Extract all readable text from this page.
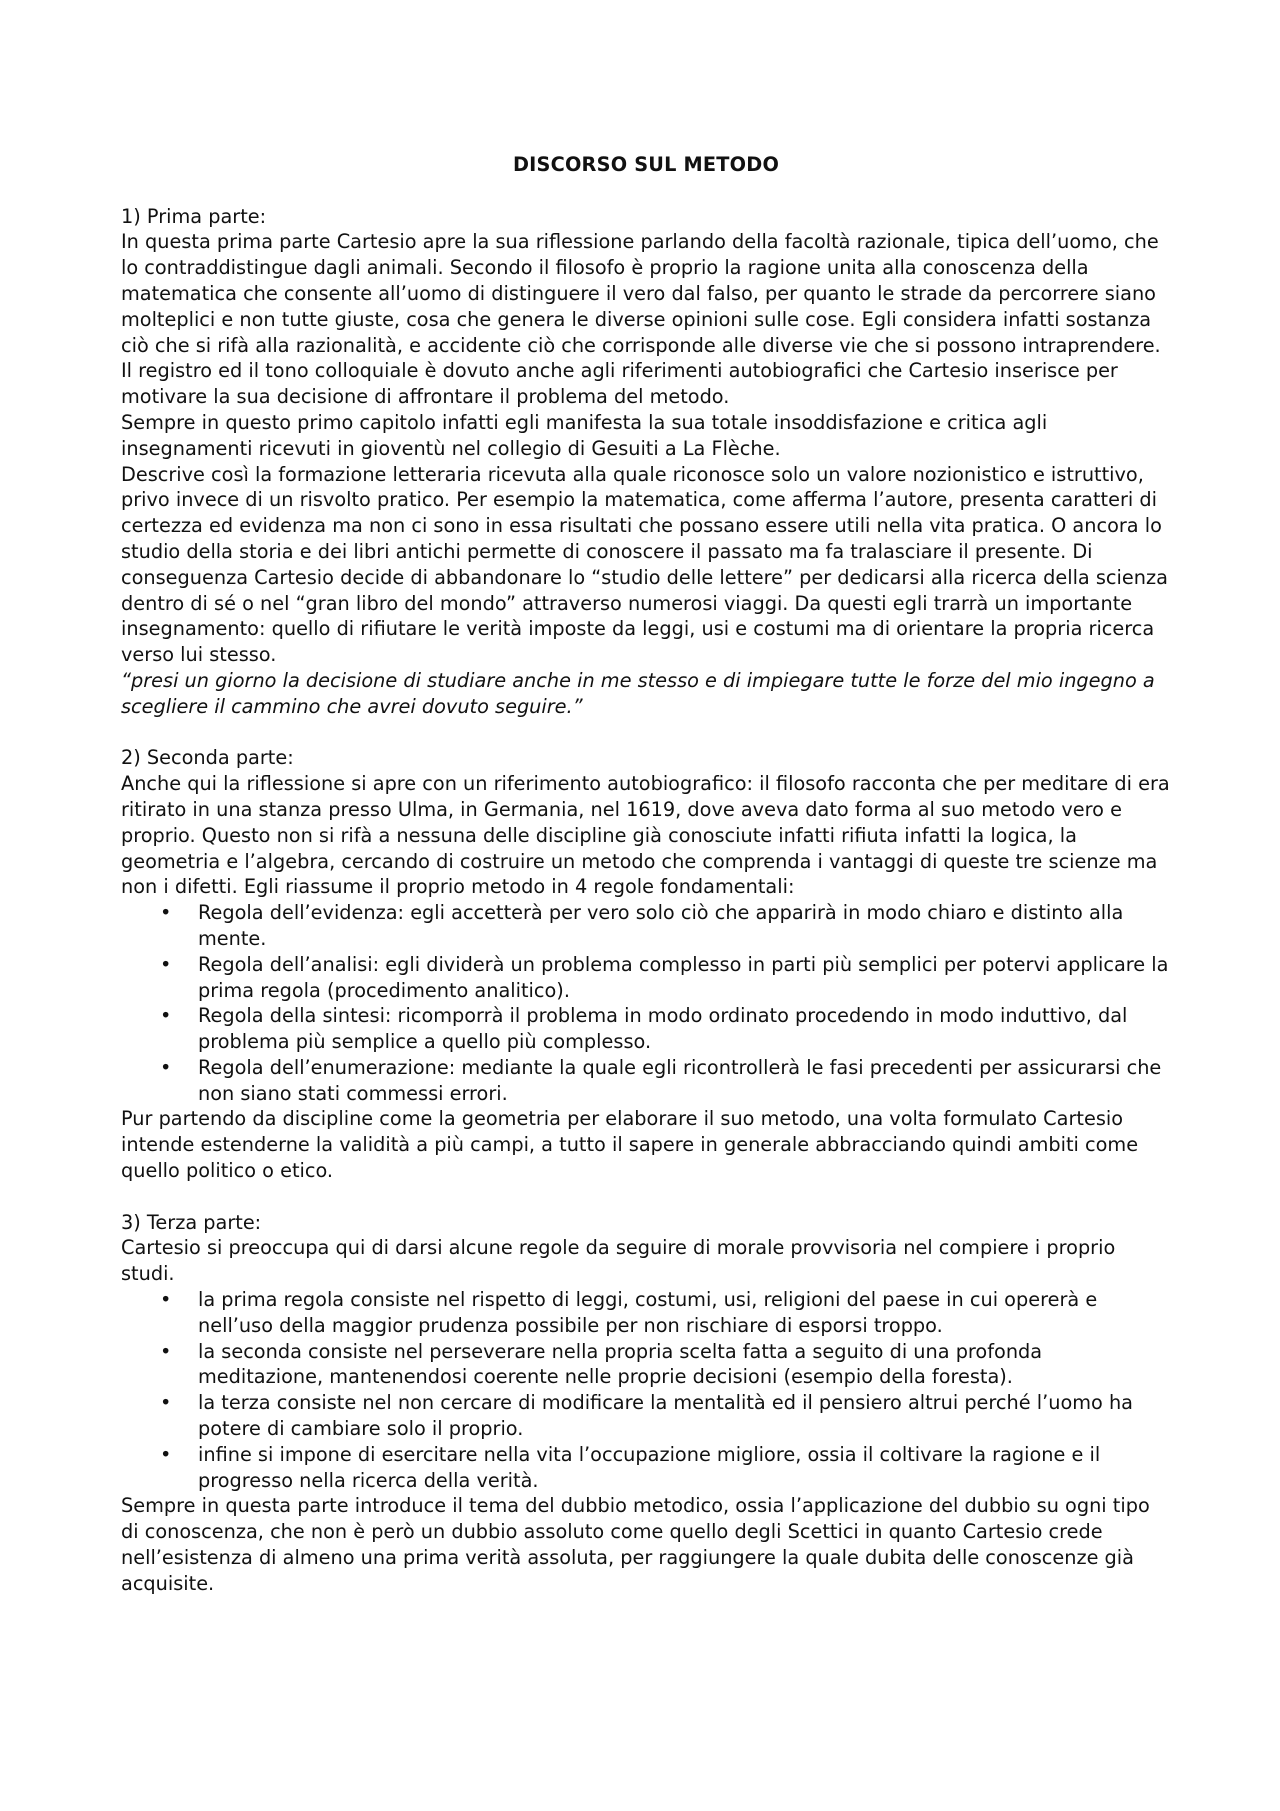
DISCORSO SUL METODO

1) Prima parte:

In questa prima parte Cartesio apre la sua riflessione parlando della facoltà razionale, tipica dell’uomo, che lo contraddistingue dagli animali. Secondo il filosofo è proprio la ragione unita alla conoscenza della matematica che consente all’uomo di distinguere il vero dal falso, per quanto le strade da percorrere siano molteplici e non tutte giuste, cosa che genera le diverse opinioni sulle cose. Egli considera infatti sostanza ciò che si rifà alla razionalità, e accidente ciò che corrisponde alle diverse vie che si possono intraprendere.

Il registro ed il tono colloquiale è dovuto anche agli riferimenti autobiografici che Cartesio inserisce per motivare la sua decisione di affrontare il problema del metodo.

Sempre in questo primo capitolo infatti egli manifesta la sua totale insoddisfazione e critica agli insegnamenti ricevuti in gioventù nel collegio di Gesuiti a La Flèche.

Descrive così la formazione letteraria ricevuta alla quale riconosce solo un valore nozionistico e istruttivo, privo invece di un risvolto pratico. Per esempio la matematica, come afferma l’autore, presenta caratteri di certezza ed evidenza ma non ci sono in essa risultati che possano essere utili nella vita pratica. O ancora lo studio della storia e dei libri antichi permette di conoscere il passato ma fa tralasciare il presente. Di conseguenza Cartesio decide di abbandonare lo “studio delle lettere” per dedicarsi alla ricerca della scienza dentro di sé o nel “gran libro del mondo” attraverso numerosi viaggi. Da questi egli trarrà un importante insegnamento: quello di rifiutare le verità imposte da leggi, usi e costumi ma di orientare la propria ricerca verso lui stesso.

“presi un giorno la decisione di studiare anche in me stesso e di impiegare tutte le forze del mio ingegno a scegliere il cammino che avrei dovuto seguire.”

2) Seconda parte:

Anche qui la riflessione si apre con un riferimento autobiografico: il filosofo racconta che per meditare di era ritirato in una stanza presso Ulma, in Germania, nel 1619, dove aveva dato forma al suo metodo vero e proprio. Questo non si rifà a nessuna delle discipline già conosciute infatti rifiuta infatti la logica, la geometria e l’algebra, cercando di costruire un metodo che comprenda i vantaggi di queste tre scienze ma non i difetti. Egli riassume il proprio metodo in 4 regole fondamentali:

• Regola dell’evidenza: egli accetterà per vero solo ciò che apparirà in modo chiaro e distinto alla mente.
• Regola dell’analisi: egli dividerà un problema complesso in parti più semplici per potervi applicare la prima regola (procedimento analitico).
• Regola della sintesi: ricomporrà il problema in modo ordinato procedendo in modo induttivo, dal problema più semplice a quello più complesso.
• Regola dell’enumerazione: mediante la quale egli ricontrollerà le fasi precedenti per assicurarsi che non siano stati commessi errori.

Pur partendo da discipline come la geometria per elaborare il suo metodo, una volta formulato Cartesio intende estenderne la validità a più campi, a tutto il sapere in generale abbracciando quindi ambiti come quello politico o etico.

3) Terza parte:

Cartesio si preoccupa qui di darsi alcune regole da seguire di morale provvisoria nel compiere i proprio studi.

• la prima regola consiste nel rispetto di leggi, costumi, usi, religioni del paese in cui opererà e nell’uso della maggior prudenza possibile per non rischiare di esporsi troppo.
• la seconda consiste nel perseverare nella propria scelta fatta a seguito di una profonda meditazione, mantenendosi coerente nelle proprie decisioni (esempio della foresta).
• la terza consiste nel non cercare di modificare la mentalità ed il pensiero altrui perché l’uomo ha potere di cambiare solo il proprio.
• infine si impone di esercitare nella vita l’occupazione migliore, ossia il coltivare la ragione e il progresso nella ricerca della verità.

Sempre in questa parte introduce il tema del dubbio metodico, ossia l’applicazione del dubbio su ogni tipo di conoscenza, che non è però un dubbio assoluto come quello degli Scettici in quanto Cartesio crede nell’esistenza di almeno una prima verità assoluta, per raggiungere la quale dubita delle conoscenze già acquisite.
